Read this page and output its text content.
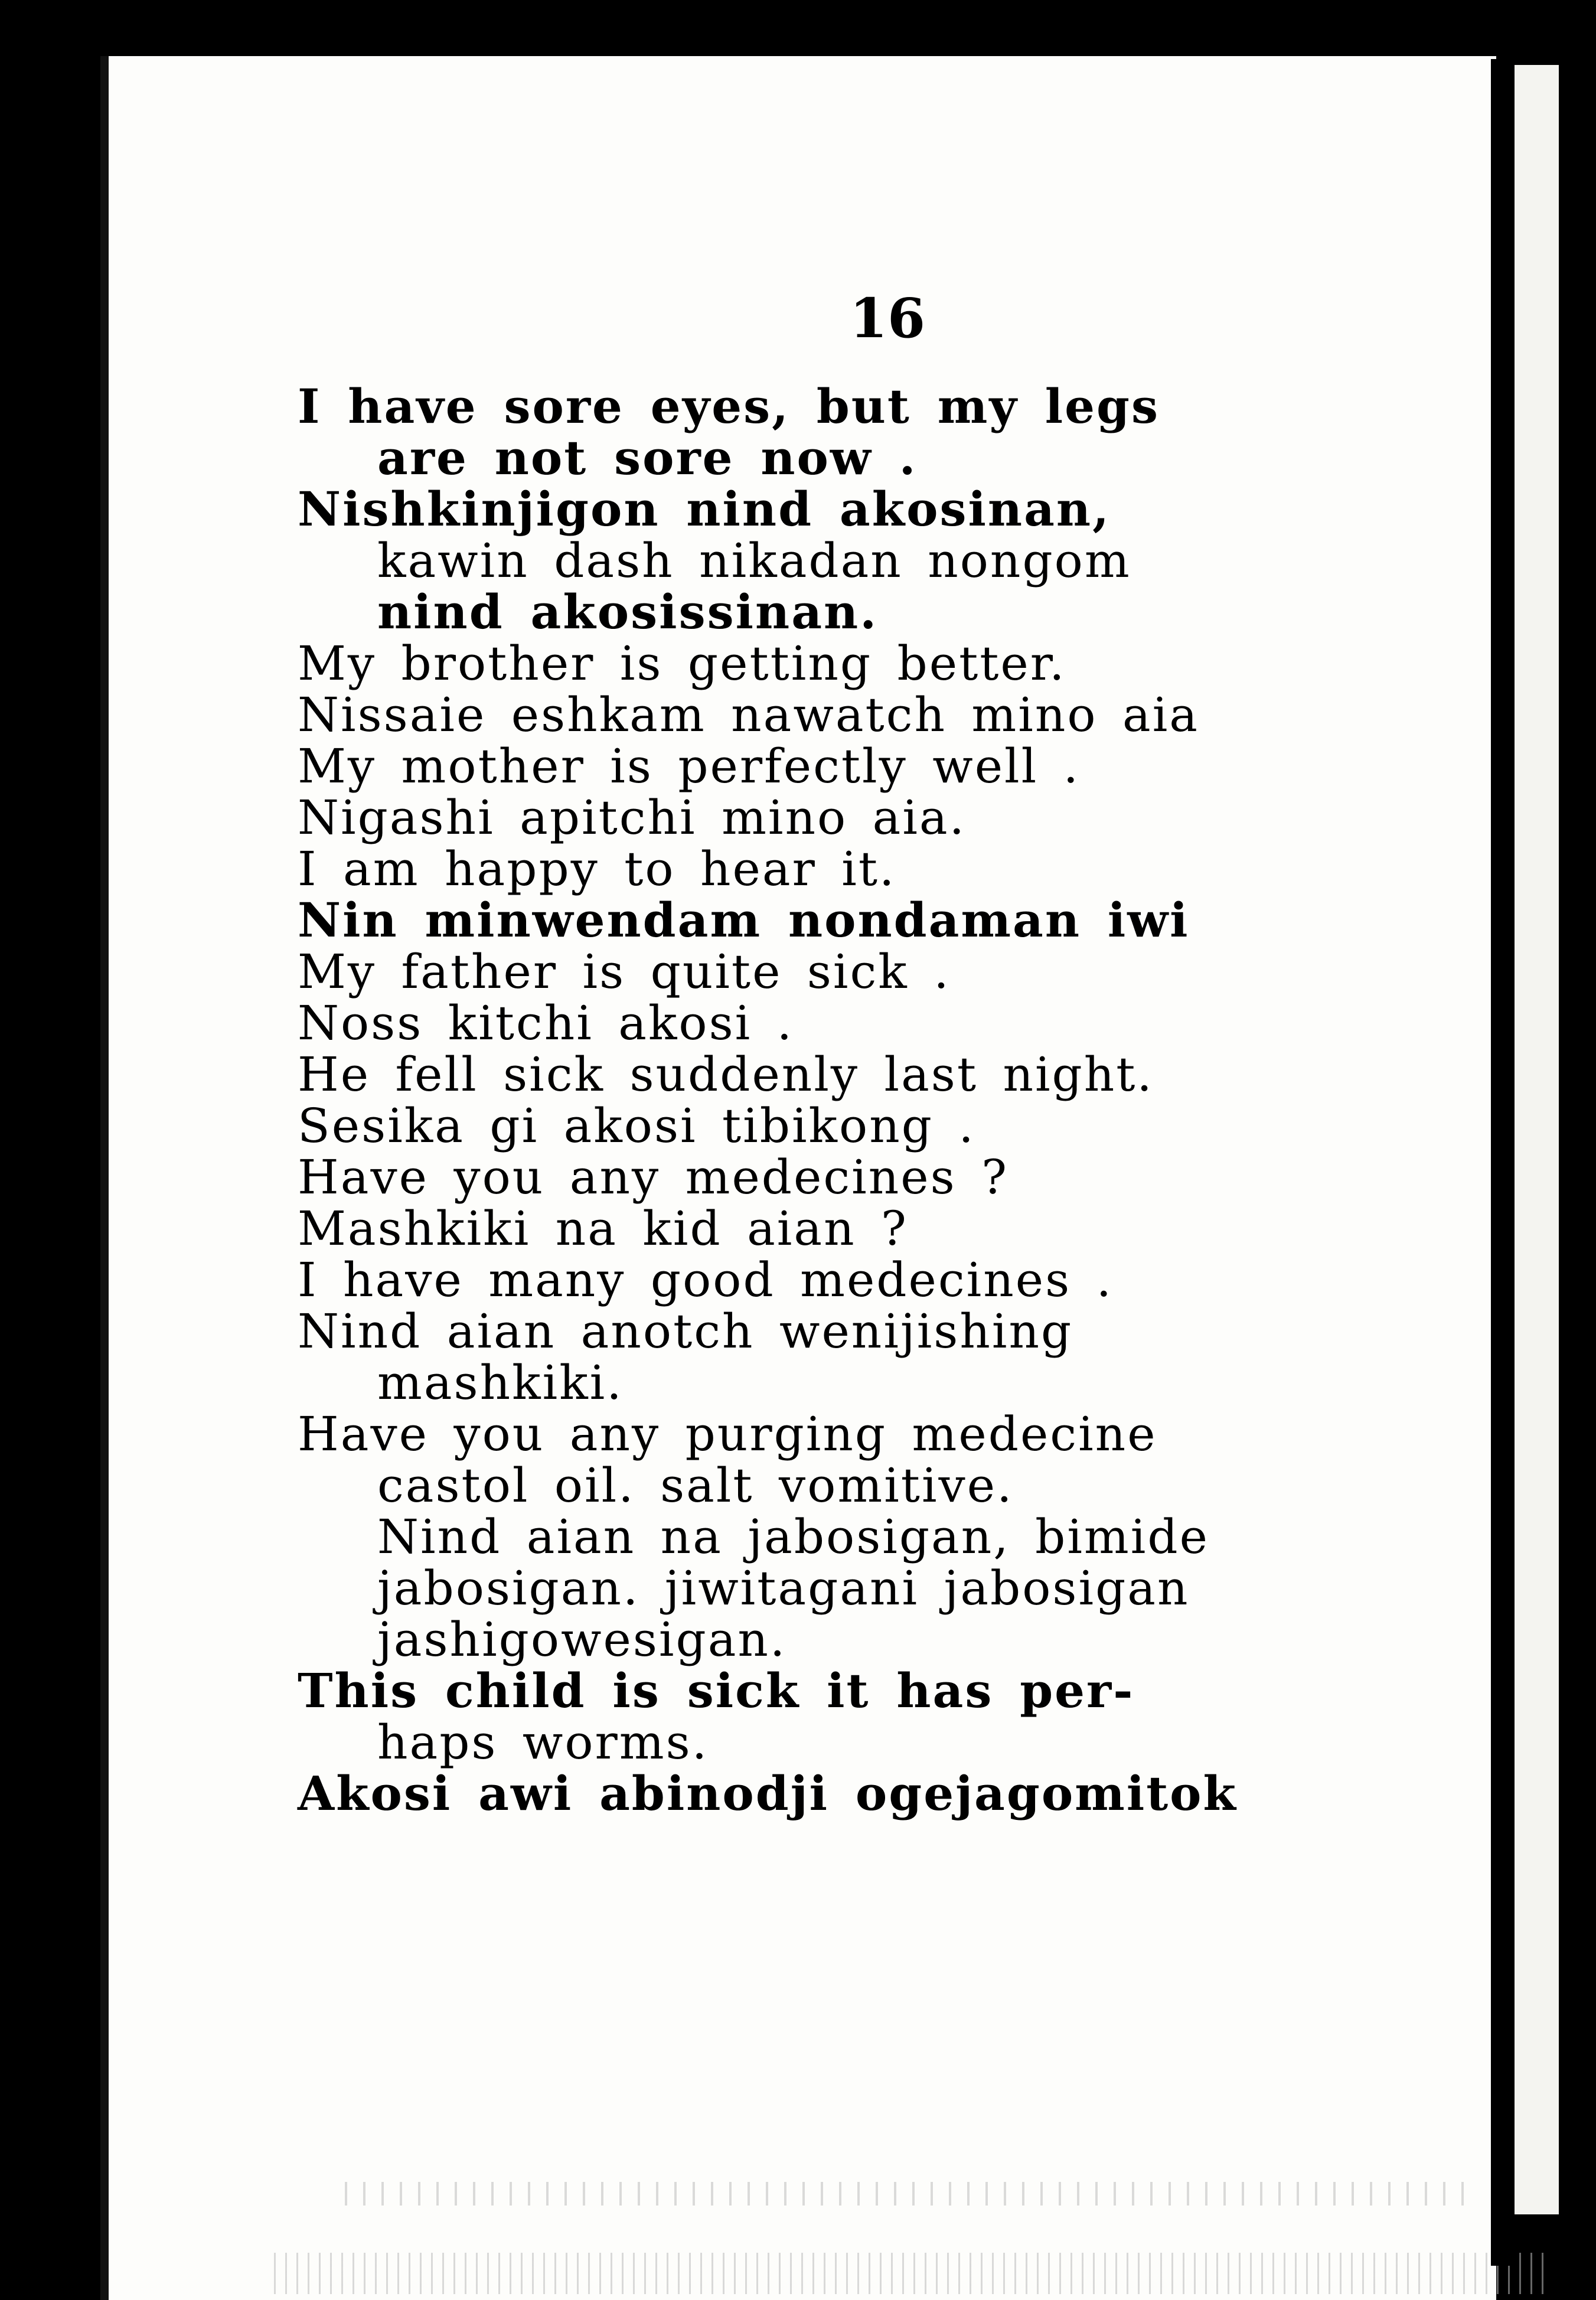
16
I have sore eyes, but my legs
are not sore now .
Nishkinjigon nind akosinan,
kawin dash nikadan nongom
nind akosissinan.
My brother is getting better.
Nissaie eshkam nawatch mino aia
My mother is perfectly well .
Nigashi apitchi mino aia.
I am happy to hear it.
Nin minwendam nondaman iwi
My father is quite sick .
Noss kitchi akosi .
He fell sick suddenly last night.
Sesika gi akosi tibikong .
Have you any medecines ?
Mashkiki na kid aian ?
I have many good medecines .
Nind aian anotch wenijishing
mashkiki.
Have you any purging medecine
castol oil. salt vomitive.
Nind aian na jabosigan, bimide
jabosigan. jiwitagani jabosigan
jashigowesigan.
This child is sick it has per-
haps worms.
Akosi awi abinodji ogejagomitok
